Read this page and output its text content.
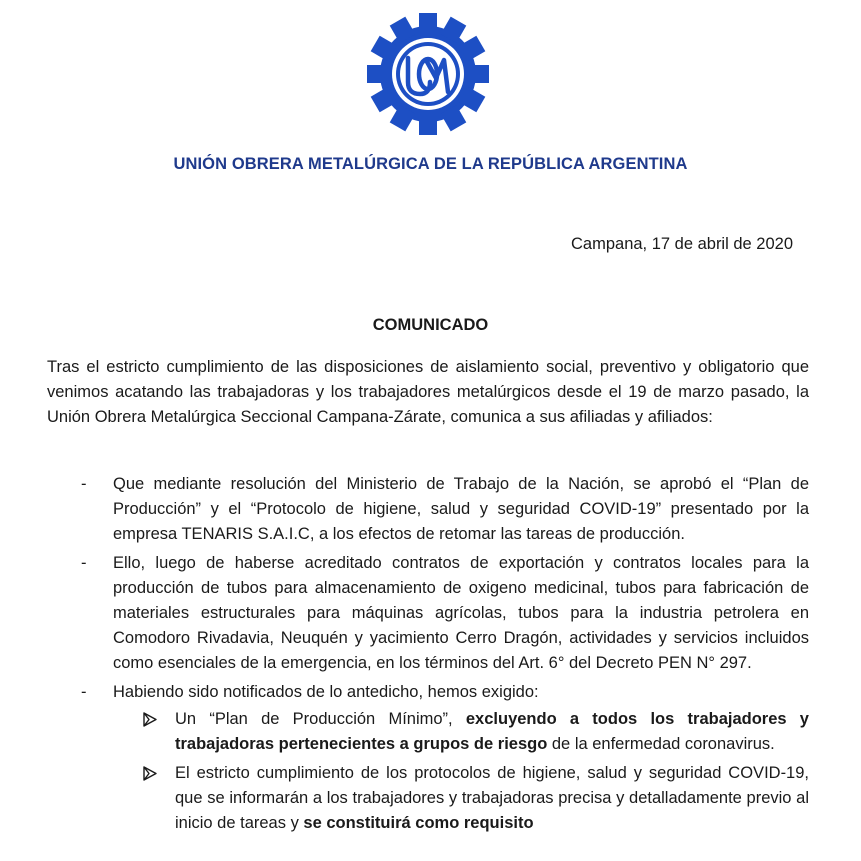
UNIÓN OBRERA METALÚRGICA DE LA REPÚBLICA ARGENTINA
Campana, 17 de abril de 2020
COMUNICADO

Tras el estricto cumplimiento de las disposiciones de aislamiento social, preventivo y obligatorio que venimos acatando las trabajadoras y los trabajadores metalúrgicos desde el 19 de marzo pasado, la Unión Obrera Metalúrgica Seccional Campana-Zárate, comunica a sus afiliadas y afiliados:

- Que mediante resolución del Ministerio de Trabajo de la Nación, se aprobó el “Plan de Producción” y el “Protocolo de higiene, salud y seguridad COVID-19” presentado por la empresa TENARIS S.A.I.C, a los efectos de retomar las tareas de producción.
- Ello, luego de haberse acreditado contratos de exportación y contratos locales para la producción de tubos para almacenamiento de oxigeno medicinal, tubos para fabricación de materiales estructurales para máquinas agrícolas, tubos para la industria petrolera en Comodoro Rivadavia, Neuquén y yacimiento Cerro Dragón, actividades y servicios incluidos como esenciales de la emergencia, en los términos del Art. 6° del Decreto PEN N° 297.
- Habiendo sido notificados de lo antedicho, hemos exigido:
Un “Plan de Producción Mínimo”, excluyendo a todos los trabajadores y trabajadoras pertenecientes a grupos de riesgo de la enfermedad coronavirus.
El estricto cumplimiento de los protocolos de higiene, salud y seguridad COVID-19, que se informarán a los trabajadores y trabajadoras precisa y detalladamente previo al inicio de tareas y se constituirá como requisito
